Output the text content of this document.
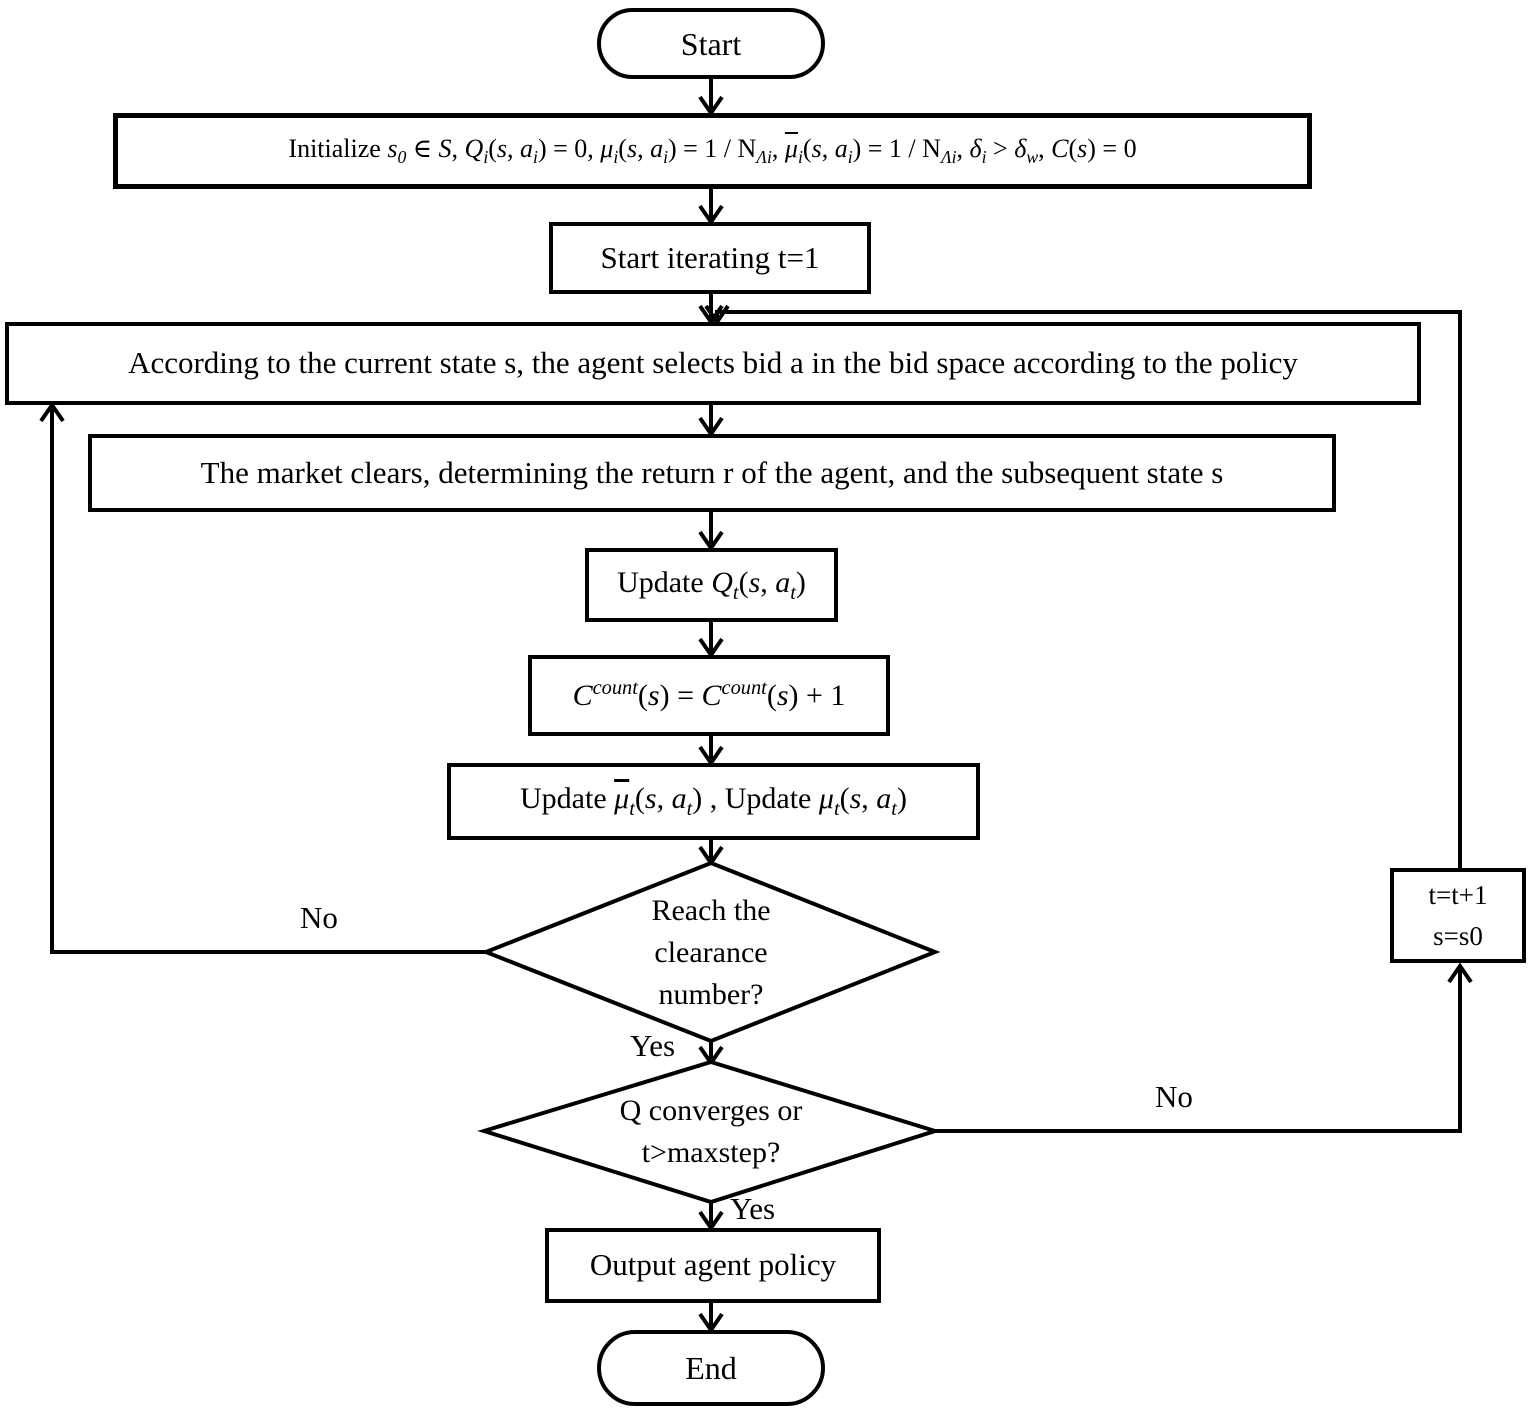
Start
Initialize $s_0$ ∈ S, $Q_i(s$, $a_i) = 0$, $\mu_i(s$, $a_i) = 1 / N_{\Lambda i}$, $\overline{\mu}_i(s$, $a_i) = 1 / N_{\Lambda i}$, $\delta_i > \delta_w$, C(s) = 0
Start iterating t=1
According to the current state s, the agent selects bid a in the bid space according to the policy
The market clears, determining the return r of the agent, and the subsequent state s
Update $Q_t(s$, $a_t$)
$C^{count}(s) = C^{count}(s) + 1$
Update $\overline{\mu}_t(s$, $a_t$) , Update $\mu_t(s$, $a_t$)
Reach the
clearance
number?
Q converges or
t>maxstep?
t=t+1
s=s0
Output agent policy
End
No
Yes
No
Yes
